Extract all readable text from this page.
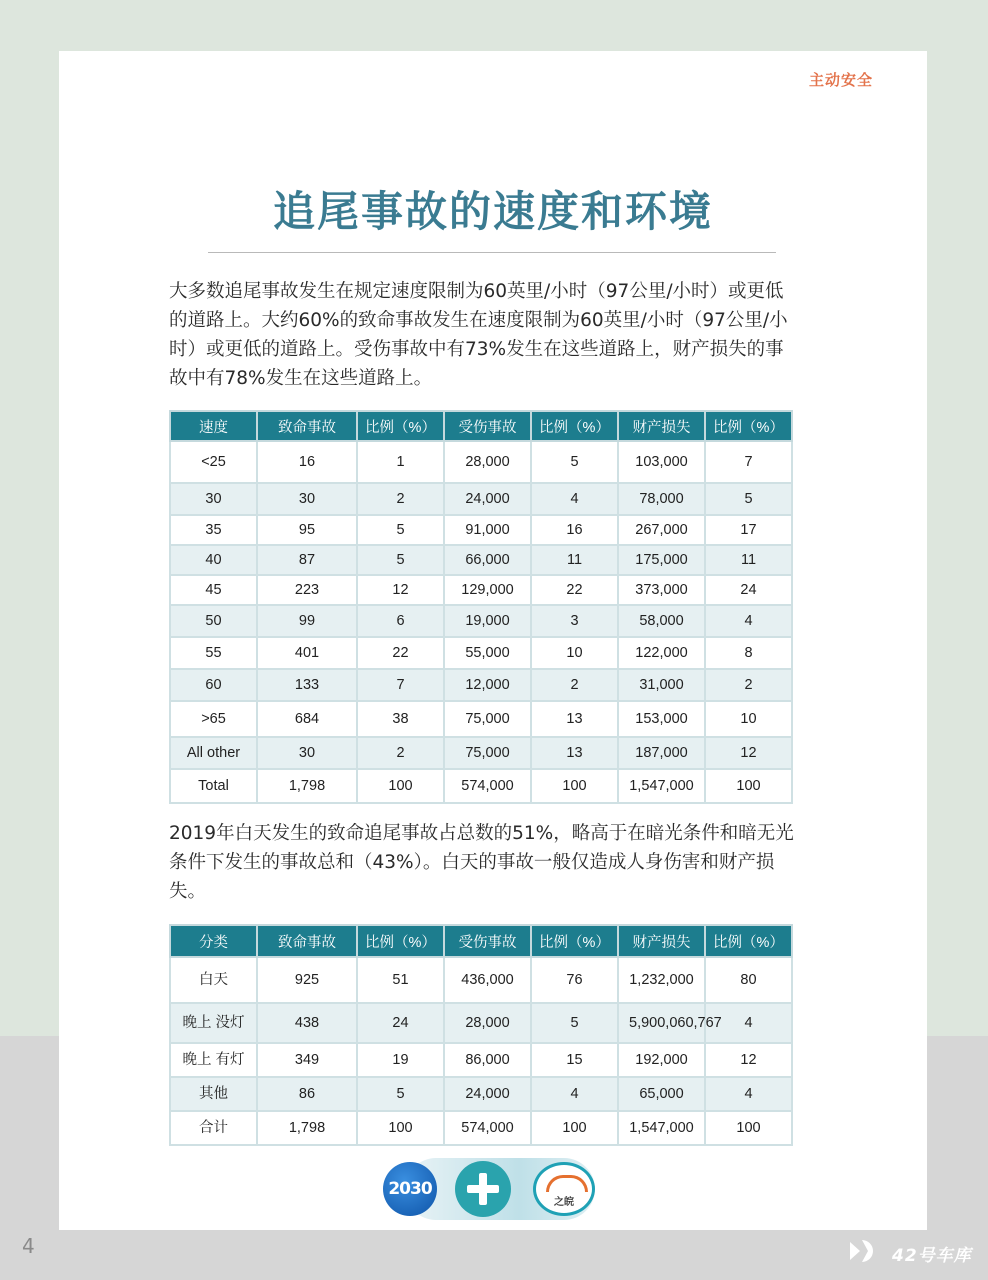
主动安全
追尾事故的速度和环境
大多数追尾事故发生在规定速度限制为60英里/小时（97公里/小时）或更低的道路上。大约60%的致命事故发生在速度限制为60英里/小时（97公里/小时）或更低的道路上。受伤事故中有73%发生在这些道路上，财产损失的事故中有78%发生在这些道路上。
速度	致命事故	比例（%）	受伤事故	比例（%）	财产损失	比例（%）
<25	16	1	28,000	5	103,000	7
30	30	2	24,000	4	78,000	5
35	95	5	91,000	16	267,000	17
40	87	5	66,000	11	175,000	11
45	223	12	129,000	22	373,000	24
50	99	6	19,000	3	58,000	4
55	401	22	55,000	10	122,000	8
60	133	7	12,000	2	31,000	2
>65	684	38	75,000	13	153,000	10
All other	30	2	75,000	13	187,000	12
Total	1,798	100	574,000	100	1,547,000	100
2019年白天发生的致命追尾事故占总数的51%，略高于在暗光条件和暗无光条件下发生的事故总和（43%）。白天的事故一般仅造成人身伤害和财产损失。
分类	致命事故	比例（%）	受伤事故	比例（%）	财产损失	比例（%）
白天	925	51	436,000	76	1,232,000	80
晚上 没灯	438	24	28,000	5	5,900,060,767	4
晚上 有灯	349	19	86,000	15	192,000	12
其他	86	5	24,000	4	65,000	4
合计	1,798	100	574,000	100	1,547,000	100
2030
之皖
4	42号车库
